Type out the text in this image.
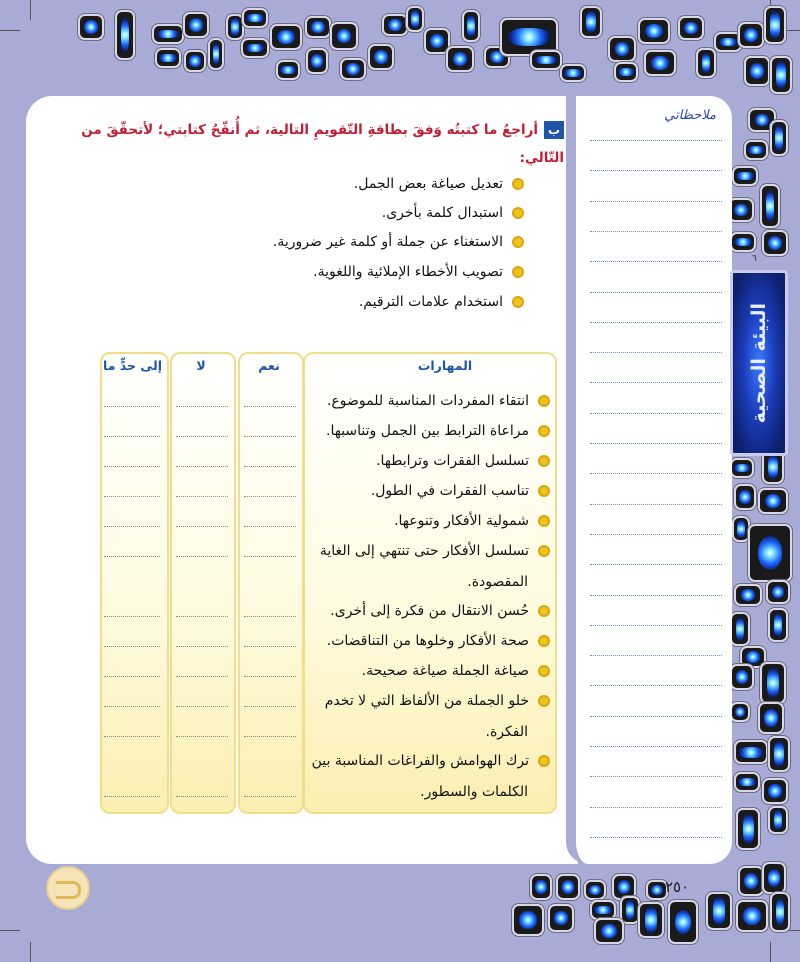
ملاحظاتي
٦
البيئة الصحية
بأراجعُ ما كتبتُه وَفقَ بطاقةِ التّقويمِ التالية، ثم أُنقّحُ كتابتي؛ لأتحقّقَ من التّالي:
تعديل صياغة بعض الجمل.
استبدال كلمة بأخرى.
الاستغناء عن جملة أو كلمة غير ضرورية.
تصويب الأخطاء الإملائية واللغوية.
استخدام علامات الترقيم.
المهارات
نعم
لا
إلى حدٍّ ما
انتقاء المفردات المناسبة للموضوع.
مراعاة الترابط بين الجمل وتناسبها.
تسلسل الفقرات وترابطها.
تناسب الفقرات في الطول.
شمولية الأفكار وتنوعها.
تسلسل الأفكار حتى تنتهي إلى الغاية
المقصودة.
حُسن الانتقال من فكرة إلى أخرى.
صحة الأفكار وخلوها من التناقضات.
صياغة الجملة صياغة صحيحة.
خلو الجملة من الألفاظ التي لا تخدم
الفكرة.
ترك الهوامش والفراغات المناسبة بين
الكلمات والسطور.
٢٥٠
